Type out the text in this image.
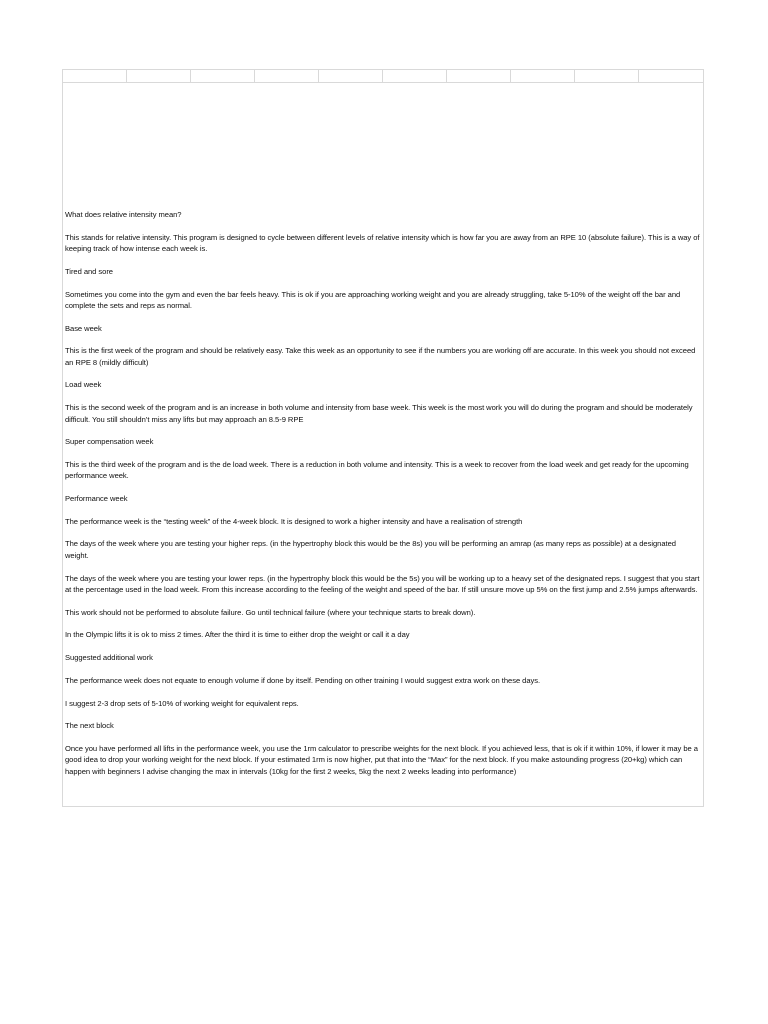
What does relative intensity mean?
This stands for relative intensity. This program is designed to cycle between different levels of relative intensity which is how far you are away from an RPE 10 (absolute failure). This is a way of keeping track of how intense each week is.
Tired and sore
Sometimes you come into the gym and even the bar feels heavy. This is ok if you are approaching working weight and you are already struggling, take 5-10% of the weight off the bar and complete the sets and reps as normal.
Base week
This is the first week of the program and should be relatively easy. Take this week as an opportunity to see if the numbers you are working off are accurate. In this week you should not exceed an RPE 8 (mildly difficult)
Load week
This is the second week of the program and is an increase in both volume and intensity from base week. This week is the most work you will do during the program and should be moderately difficult. You still shouldn’t miss any lifts but may approach an 8.5-9 RPE
Super compensation week
This is the third week of the program and is the de load week. There is a reduction in both volume and intensity. This is a week to recover from the load week and get ready for the upcoming performance week.
Performance week
The performance week is the “testing week” of the 4-week block. It is designed to work a higher intensity and have a realisation of strength
The days of the week where you are testing your higher reps. (in the hypertrophy block this would be the 8s) you will be performing an amrap (as many reps as possible) at a designated weight.
The days of the week where you are testing your lower reps. (in the hypertrophy block this would be the 5s) you will be working up to a heavy set of the designated reps. I suggest that you start at the percentage used in the load week. From this increase according to the feeling of the weight and speed of the bar. If still unsure move up 5% on the first jump and 2.5% jumps afterwards.
This work should not be performed to absolute failure. Go until technical failure (where your technique starts to break down).
In the Olympic lifts it is ok to miss 2 times. After the third it is time to either drop the weight or call it a day
Suggested additional work
The performance week does not equate to enough volume if done by itself. Pending on other training I would suggest extra work on these days.
I suggest 2-3 drop sets of 5-10% of working weight for equivalent reps.
The next block
Once you have performed all lifts in the performance week, you use the 1rm calculator to prescribe weights for the next block. If you achieved less, that is ok if it within 10%, if lower it may be a good idea to drop your working weight for the next block. If your estimated 1rm is now higher, put that into the “Max” for the next block. If you make astounding progress (20+kg) which can happen with beginners I advise changing the max in intervals (10kg for the first 2 weeks, 5kg the next 2 weeks leading into performance)
